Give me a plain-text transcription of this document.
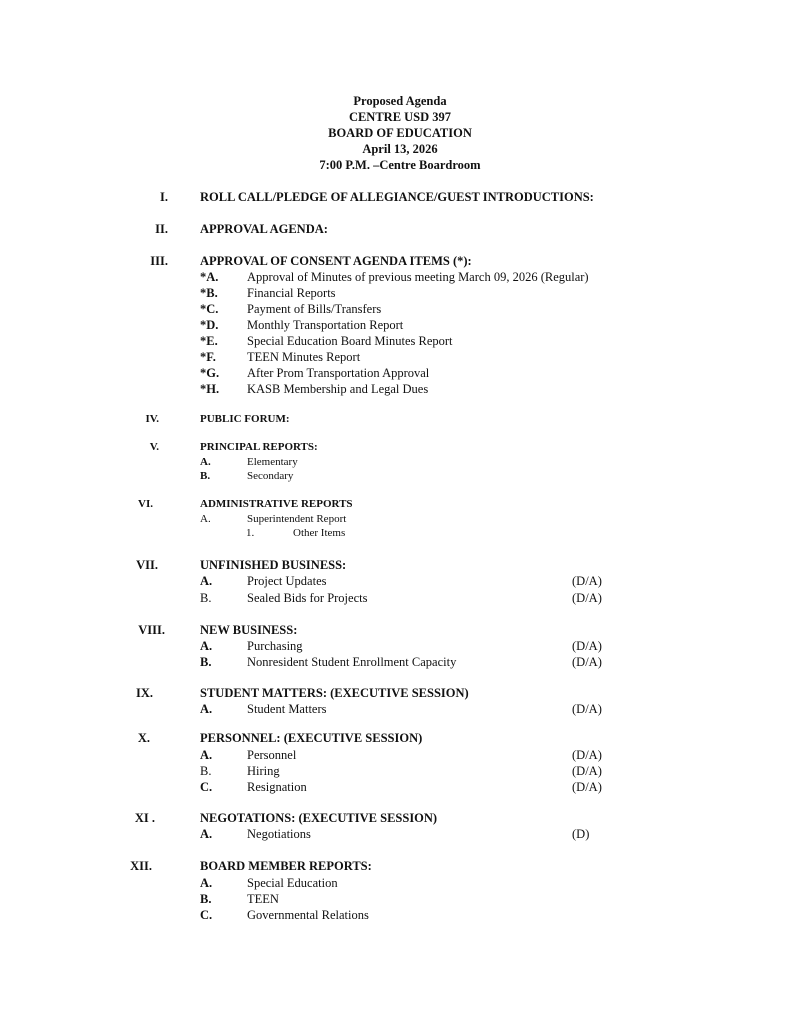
Proposed Agenda
CENTRE USD 397
BOARD OF EDUCATION
April 13, 2026
7:00 P.M. –Centre Boardroom
I.	ROLL CALL/PLEDGE OF ALLEGIANCE/GUEST INTRODUCTIONS:
II.	APPROVAL AGENDA:
III.	APPROVAL OF CONSENT AGENDA ITEMS (*):
*A. Approval of Minutes of previous meeting March 09, 2026 (Regular)
*B. Financial Reports
*C. Payment of Bills/Transfers
*D. Monthly Transportation Report
*E. Special Education Board Minutes Report
*F. TEEN Minutes Report
*G. After Prom Transportation Approval
*H. KASB Membership and Legal Dues
IV.	PUBLIC FORUM:
V.	PRINCIPAL REPORTS:
A.	Elementary
B.	Secondary
VI.	ADMINISTRATIVE REPORTS
A.	Superintendent Report
1.	Other Items
VII.	UNFINISHED BUSINESS:
A.	Project Updates	(D/A)
B.	Sealed Bids for Projects	(D/A)
VIII.	NEW BUSINESS:
A.	Purchasing	(D/A)
B.	Nonresident Student Enrollment Capacity	(D/A)
IX.	STUDENT MATTERS: (EXECUTIVE SESSION)
A.	Student Matters	(D/A)
X.	PERSONNEL: (EXECUTIVE SESSION)
A.	Personnel	(D/A)
B.	Hiring	(D/A)
C.	Resignation	(D/A)
XI .	NEGOTATIONS: (EXECUTIVE SESSION)
A.	Negotiations	(D)
XII.	BOARD MEMBER REPORTS:
A.	Special Education
B.	TEEN
C.	Governmental Relations
